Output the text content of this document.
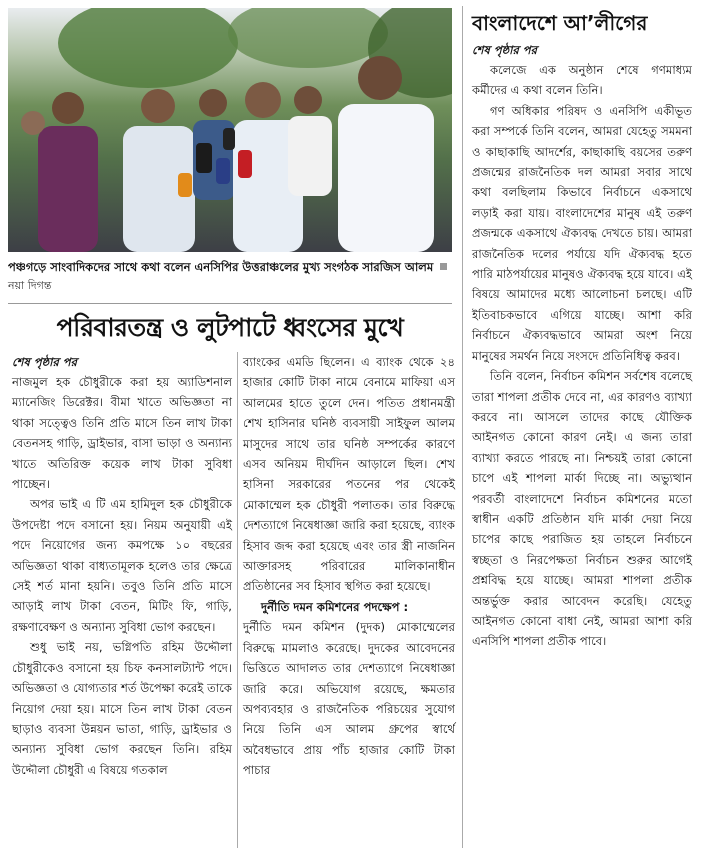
পঞ্চগড়ে সাংবাদিকদের সাথে কথা বলেন এনসিপির উত্তরাঞ্চলের মুখ্য সংগঠক সারজিস আলম নয়া দিগন্ত
পরিবারতন্ত্র ও লুটপাটে ধ্বংসের মুখে
শেষ পৃষ্ঠার পর

নাজমুল হক চৌধুরীকে করা হয় অ্যাডিশনাল ম্যানেজিং ডিরেক্টর। বীমা খাতে অভিজ্ঞতা না থাকা সত্ত্বেও তিনি প্রতি মাসে তিন লাখ টাকা বেতনসহ গাড়ি, ড্রাইভার, বাসা ভাড়া ও অন্যান্য খাতে অতিরিক্ত কয়েক লাখ টাকা সুবিধা পাচ্ছেন।

অপর ভাই এ টি এম হামিদুল হক চৌধুরীকে উপদেষ্টা পদে বসানো হয়। নিয়ম অনুযায়ী এই পদে নিয়োগের জন্য কমপক্ষে ১০ বছরের অভিজ্ঞতা থাকা বাধ্যতামূলক হলেও তার ক্ষেত্রে সেই শর্ত মানা হয়নি। তবুও তিনি প্রতি মাসে আড়াই লাখ টাকা বেতন, মিটিং ফি, গাড়ি, রক্ষণাবেক্ষণ ও অন্যান্য সুবিধা ভোগ করছেন।

শুধু ভাই নয়, ভগ্নিপতি রহিম উদ্দৌলা চৌধুরীকেও বসানো হয় চিফ কনসালট্যান্ট পদে। অভিজ্ঞতা ও যোগ্যতার শর্ত উপেক্ষা করেই তাকে নিয়োগ দেয়া হয়। মাসে তিন লাখ টাকা বেতন ছাড়াও ব্যবসা উন্নয়ন ভাতা, গাড়ি, ড্রাইভার ও অন্যান্য সুবিধা ভোগ করছেন তিনি। রহিম উদ্দৌলা চৌধুরী এ বিষয়ে গতকাল

ব্যাংকের এমডি ছিলেন। এ ব্যাংক থেকে ২৪ হাজার কোটি টাকা নামে বেনামে মাফিয়া এস আলমের হাতে তুলে দেন। পতিত প্রধানমন্ত্রী শেখ হাসিনার ঘনিষ্ঠ ব্যবসায়ী সাইফুল আলম মাসুদের সাথে তার ঘনিষ্ঠ সম্পর্কের কারণে এসব অনিয়ম দীর্ঘদিন আড়ালে ছিল। শেখ হাসিনা সরকারের পতনের পর থেকেই মোকাম্মেল হক চৌধুরী পলাতক। তার বিরুদ্ধে দেশত্যাগে নিষেধাজ্ঞা জারি করা হয়েছে, ব্যাংক হিসাব জব্দ করা হয়েছে এবং তার স্ত্রী নাজনিন আক্তারসহ পরিবারের মালিকানাধীন প্রতিষ্ঠানের সব হিসাব স্থগিত করা হয়েছে।

দুর্নীতি দমন কমিশনের পদক্ষেপ :

দুর্নীতি দমন কমিশন (দুদক) মোকাম্মেলের বিরুদ্ধে মামলাও করেছে। দুদকের আবেদনের ভিত্তিতে আদালত তার দেশত্যাগে নিষেধাজ্ঞা জারি করে। অভিযোগ রয়েছে, ক্ষমতার অপব্যবহার ও রাজনৈতিক পরিচয়ের সুযোগ নিয়ে তিনি এস আলম গ্রুপের স্বার্থে অবৈধভাবে প্রায় পাঁচ হাজার কোটি টাকা পাচার

বাংলাদেশে আ’লীগের
শেষ পৃষ্ঠার পর

কলেজে এক অনুষ্ঠান শেষে গণমাধ্যম কর্মীদের এ কথা বলেন তিনি।

গণ অধিকার পরিষদ ও এনসিপি একীভূত করা সম্পর্কে তিনি বলেন, আমরা যেহেতু সমমনা ও কাছাকাছি আদর্শের, কাছাকাছি বয়সের তরুণ প্রজন্মের রাজনৈতিক দল আমরা সবার সাথে কথা বলছিলাম কিভাবে নির্বাচনে একসাথে লড়াই করা যায়। বাংলাদেশের মানুষ এই তরুণ প্রজন্মকে একসাথে ঐক্যবদ্ধ দেখতে চায়। আমরা রাজনৈতিক দলের পর্যায়ে যদি ঐক্যবদ্ধ হতে পারি মাঠপর্যায়ের মানুষও ঐক্যবদ্ধ হয়ে যাবে। এই বিষয়ে আমাদের মধ্যে আলোচনা চলছে। এটি ইতিবাচকভাবে এগিয়ে যাচ্ছে। আশা করি নির্বাচনে ঐক্যবদ্ধভাবে আমরা অংশ নিয়ে মানুষের সমর্থন নিয়ে সংসদে প্রতিনিধিত্ব করব।

তিনি বলেন, নির্বাচন কমিশন সর্বশেষ বলেছে তারা শাপলা প্রতীক দেবে না, এর কারণও ব্যাখ্যা করবে না। আসলে তাদের কাছে যৌক্তিক আইনগত কোনো কারণ নেই। এ জন্য তারা ব্যাখ্যা করতে পারছে না। নিশ্চয়ই তারা কোনো চাপে এই শাপলা মার্কা দিচ্ছে না। অভ্যুত্থান পরবর্তী বাংলাদেশে নির্বাচন কমিশনের মতো স্বাধীন একটি প্রতিষ্ঠান যদি মার্কা দেয়া নিয়ে চাপের কাছে পরাজিত হয় তাহলে নির্বাচনে স্বচ্ছতা ও নিরপেক্ষতা নির্বাচন শুরুর আগেই প্রশ্নবিদ্ধ হয়ে যাচ্ছে। আমরা শাপলা প্রতীক অন্তর্ভুক্ত করার আবেদন করেছি। যেহেতু আইনগত কোনো বাধা নেই, আমরা আশা করি এনসিপি শাপলা প্রতীক পাবে।
